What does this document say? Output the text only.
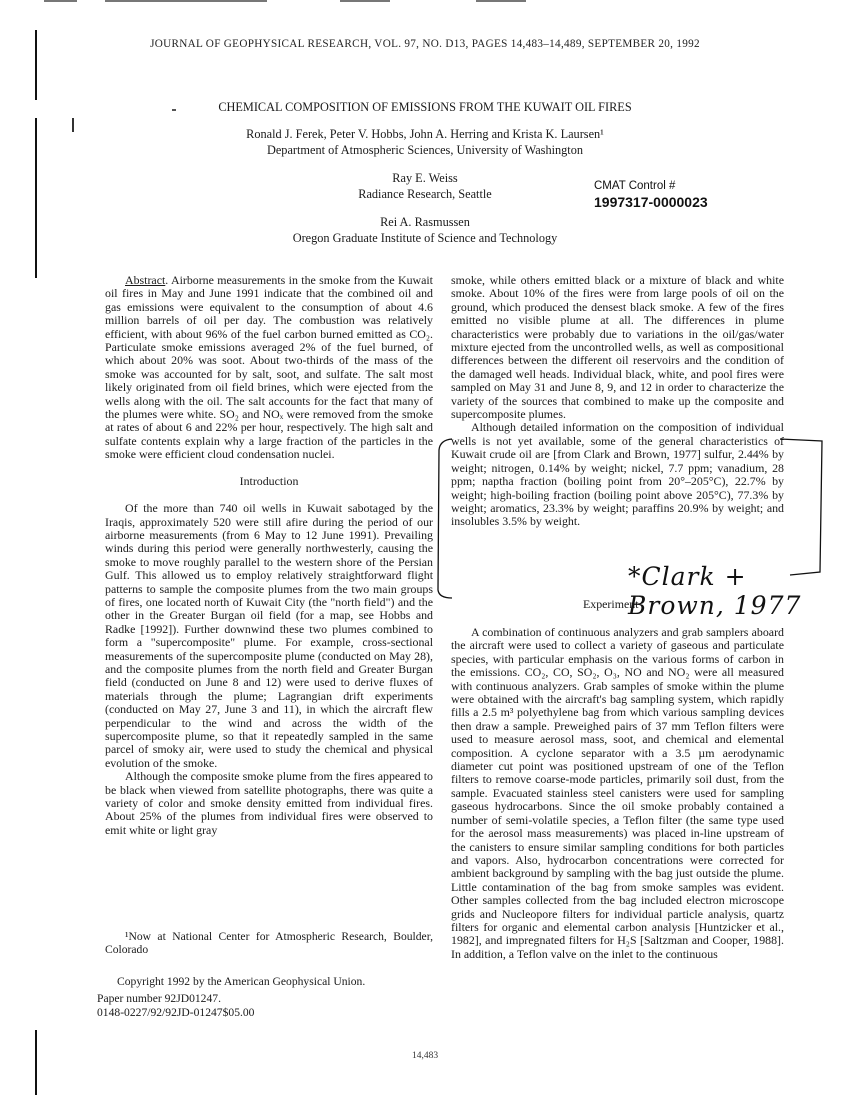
JOURNAL OF GEOPHYSICAL RESEARCH, VOL. 97, NO. D13, PAGES 14,483–14,489, SEPTEMBER 20, 1992
CHEMICAL COMPOSITION OF EMISSIONS FROM THE KUWAIT OIL FIRES
Ronald J. Ferek, Peter V. Hobbs, John A. Herring and Krista K. Laursen¹
Department of Atmospheric Sciences, University of Washington
Ray E. Weiss
Radiance Research, Seattle
Rei A. Rasmussen
Oregon Graduate Institute of Science and Technology
CMAT Control #
1997317-0000023

Abstract. Airborne measurements in the smoke from the Kuwait oil fires in May and June 1991 indicate that the combined oil and gas emissions were equivalent to the consumption of about 4.6 million barrels of oil per day. The combustion was relatively efficient, with about 96% of the fuel carbon burned emitted as CO₂. Particulate smoke emissions averaged 2% of the fuel burned, of which about 20% was soot. About two-thirds of the mass of the smoke was accounted for by salt, soot, and sulfate. The salt most likely originated from oil field brines, which were ejected from the wells along with the oil. The salt accounts for the fact that many of the plumes were white. SO₂ and NOₓ were removed from the smoke at rates of about 6 and 22% per hour, respectively. The high salt and sulfate contents explain why a large fraction of the particles in the smoke were efficient cloud condensation nuclei.

Introduction

Of the more than 740 oil wells in Kuwait sabotaged by the Iraqis, approximately 520 were still afire during the period of our airborne measurements (from 6 May to 12 June 1991). Prevailing winds during this period were generally northwesterly, causing the smoke to move roughly parallel to the western shore of the Persian Gulf. This allowed us to employ relatively straightforward flight patterns to sample the composite plumes from the two main groups of fires, one located north of Kuwait City (the "north field") and the other in the Greater Burgan oil field (for a map, see Hobbs and Radke [1992]). Further downwind these two plumes combined to form a "supercomposite" plume. For example, cross-sectional measurements of the supercomposite plume (conducted on May 28), and the composite plumes from the north field and Greater Burgan field (conducted on June 8 and 12) were used to derive fluxes of materials through the plume; Lagrangian drift experiments (conducted on May 27, June 3 and 11), in which the aircraft flew perpendicular to the wind and across the width of the supercomposite plume, so that it repeatedly sampled in the same parcel of smoky air, were used to study the chemical and physical evolution of the smoke.

Although the composite smoke plume from the fires appeared to be black when viewed from satellite photographs, there was quite a variety of color and smoke density emitted from individual fires. About 25% of the plumes from individual fires were observed to emit white or light gray

¹Now at National Center for Atmospheric Research, Boulder, Colorado

Copyright 1992 by the American Geophysical Union.

Paper number 92JD01247.

0148-0227/92/92JD-01247$05.00

smoke, while others emitted black or a mixture of black and white smoke. About 10% of the fires were from large pools of oil on the ground, which produced the densest black smoke. A few of the fires emitted no visible plume at all. The differences in plume characteristics were probably due to variations in the oil/gas/water mixture ejected from the uncontrolled wells, as well as compositional differences between the different oil reservoirs and the condition of the damaged well heads. Individual black, white, and pool fires were sampled on May 31 and June 8, 9, and 12 in order to characterize the variety of the sources that combined to make up the composite and supercomposite plumes.

Although detailed information on the composition of individual wells is not yet available, some of the general characteristics of Kuwait crude oil are [from Clark and Brown, 1977] sulfur, 2.44% by weight; nitrogen, 0.14% by weight; nickel, 7.7 ppm; vanadium, 28 ppm; naptha fraction (boiling point from 20°–205°C), 22.7% by weight; high-boiling fraction (boiling point above 205°C), 77.3% by weight; aromatics, 23.3% by weight; paraffins 20.9% by weight; and insolubles 3.5% by weight.

Experiment

A combination of continuous analyzers and grab samplers aboard the aircraft were used to collect a variety of gaseous and particulate species, with particular emphasis on the various forms of carbon in the emissions. CO₂, CO, SO₂, O₃, NO and NO₂ were all measured with continuous analyzers. Grab samples of smoke within the plume were obtained with the aircraft's bag sampling system, which rapidly fills a 2.5 m³ polyethylene bag from which various sampling devices then draw a sample. Preweighed pairs of 37 mm Teflon filters were used to measure aerosol mass, soot, and chemical and elemental composition. A cyclone separator with a 3.5 µm aerodynamic diameter cut point was positioned upstream of one of the Teflon filters to remove coarse-mode particles, primarily soil dust, from the sample. Evacuated stainless steel canisters were used for sampling gaseous hydrocarbons. Since the oil smoke probably contained a number of semi-volatile species, a Teflon filter (the same type used for the aerosol mass measurements) was placed in-line upstream of the canisters to ensure similar sampling conditions for both particles and vapors. Also, hydrocarbon concentrations were corrected for ambient background by sampling with the bag just outside the plume. Little contamination of the bag from smoke samples was evident. Other samples collected from the bag included electron microscope grids and Nucleopore filters for individual particle analysis, quartz filters for organic and elemental carbon analysis [Huntzicker et al., 1982], and impregnated filters for H₂S [Saltzman and Cooper, 1988]. In addition, a Teflon valve on the inlet to the continuous

*Clark + Brown, 1977
14,483
